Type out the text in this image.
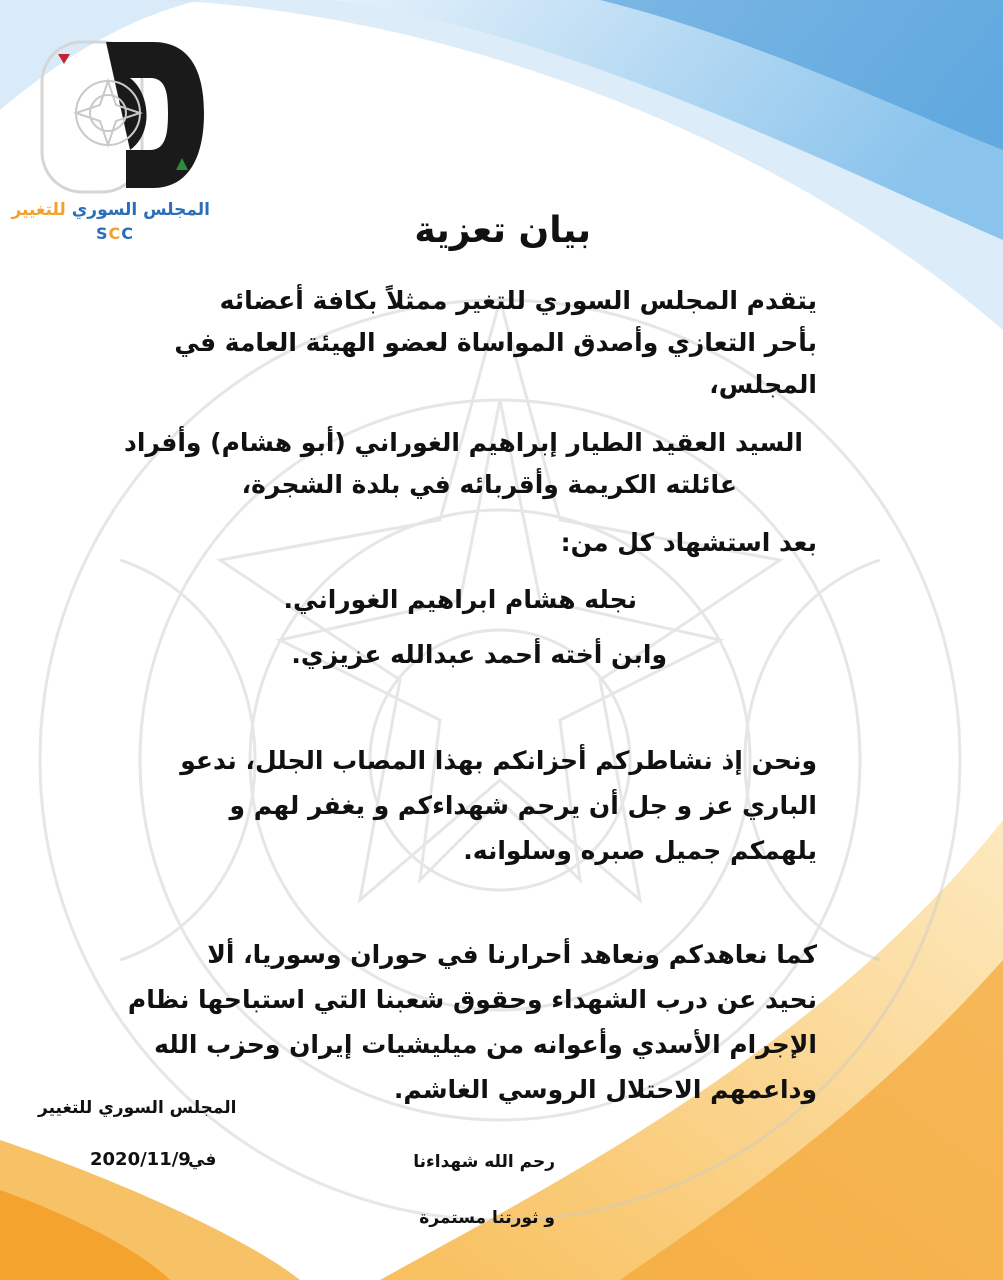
المجلس السوري للتغيير
SCC	بيان تعزية
يتقدم المجلس السوري للتغير ممثلاً بكافة أعضائه
بأحر التعازي وأصدق المواساة لعضو الهيئة العامة في
المجلس،
السيد العقيد الطيار إبراهيم الغوراني (أبو هشام) وأفراد
عائلته الكريمة وأقربائه في بلدة الشجرة،
بعد استشهاد كل من:
نجله هشام ابراهيم الغوراني.
وابن أخته أحمد عبدالله عزيزي.
ونحن إذ نشاطركم أحزانكم بهذا المصاب الجلل، ندعو
الباري عز و جل أن يرحم شهداءكم و يغفر لهم و
يلهمكم جميل صبره وسلوانه.
كما نعاهدكم ونعاهد أحرارنا في حوران وسوريا، ألا
نحيد عن درب الشهداء وحقوق شعبنا التي استباحها نظام
الإجرام الأسدي وأعوانه من ميليشيات إيران وحزب الله
وداعمهم الاحتلال الروسي الغاشم.
المجلس السوري للتغيير
في
2020/11/9	رحم الله شهداءنا
و ثورتنا مستمرة
